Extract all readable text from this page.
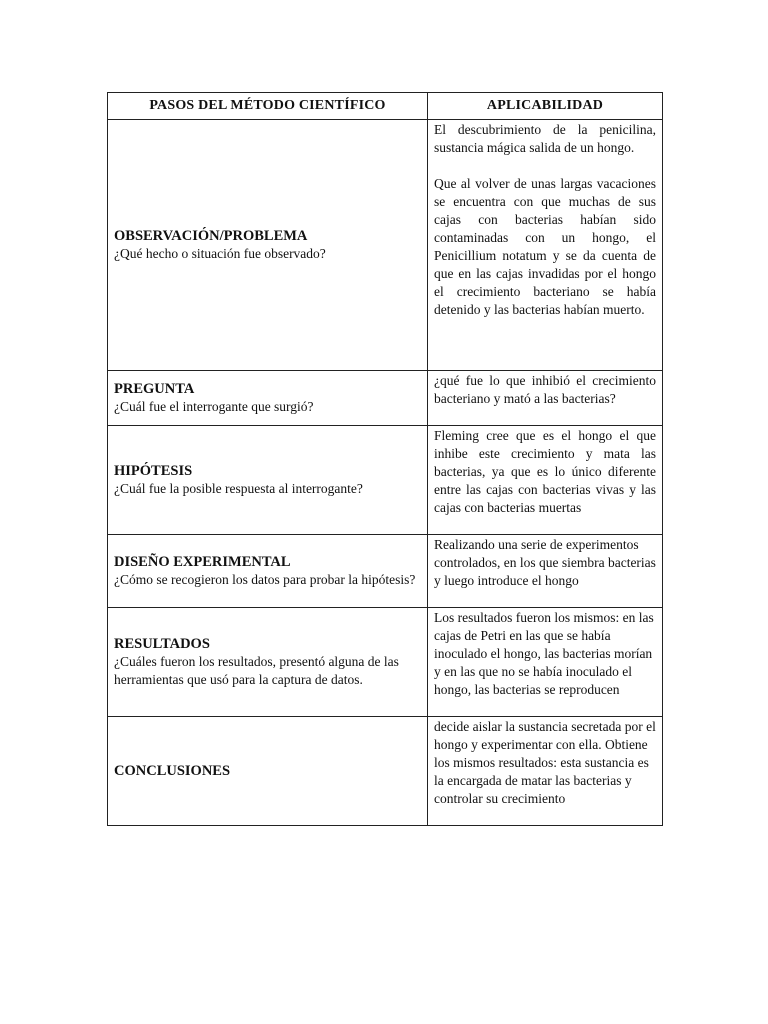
PASOS DEL MÉTODO CIENTÍFICO	APLICABILIDAD

OBSERVACIÓN/PROBLEMA
¿Qué hecho o situación fue observado?	El descubrimiento de la penicilina, sustancia mágica salida de un hongo.
Que al volver de unas largas vacaciones se encuentra con que muchas de sus cajas con bacterias habían sido contaminadas con un hongo, el Penicillium notatum y se da cuenta de que en las cajas invadidas por el hongo el crecimiento bacteriano se había detenido y las bacterias habían muerto.

PREGUNTA
¿Cuál fue el interrogante que surgió?	¿qué fue lo que inhibió el crecimiento bacteriano y mató a las bacterias?

HIPÓTESIS
¿Cuál fue la posible respuesta al interrogante?	Fleming cree que es el hongo el que inhibe este crecimiento y mata las bacterias, ya que es lo único diferente entre las cajas con bacterias vivas y las cajas con bacterias muertas

DISEÑO EXPERIMENTAL
¿Cómo se recogieron los datos para probar la hipótesis?	Realizando una serie de experimentos controlados, en los que siembra bacterias y luego introduce el hongo

RESULTADOS
¿Cuáles fueron los resultados, presentó alguna de las herramientas que usó para la captura de datos.	Los resultados fueron los mismos: en las cajas de Petri en las que se había inoculado el hongo, las bacterias morían y en las que no se había inoculado el hongo, las bacterias se reproducen

CONCLUSIONES	decide aislar la sustancia secretada por el hongo y experimentar con ella. Obtiene los mismos resultados: esta sustancia es la encargada de matar las bacterias y controlar su crecimiento
